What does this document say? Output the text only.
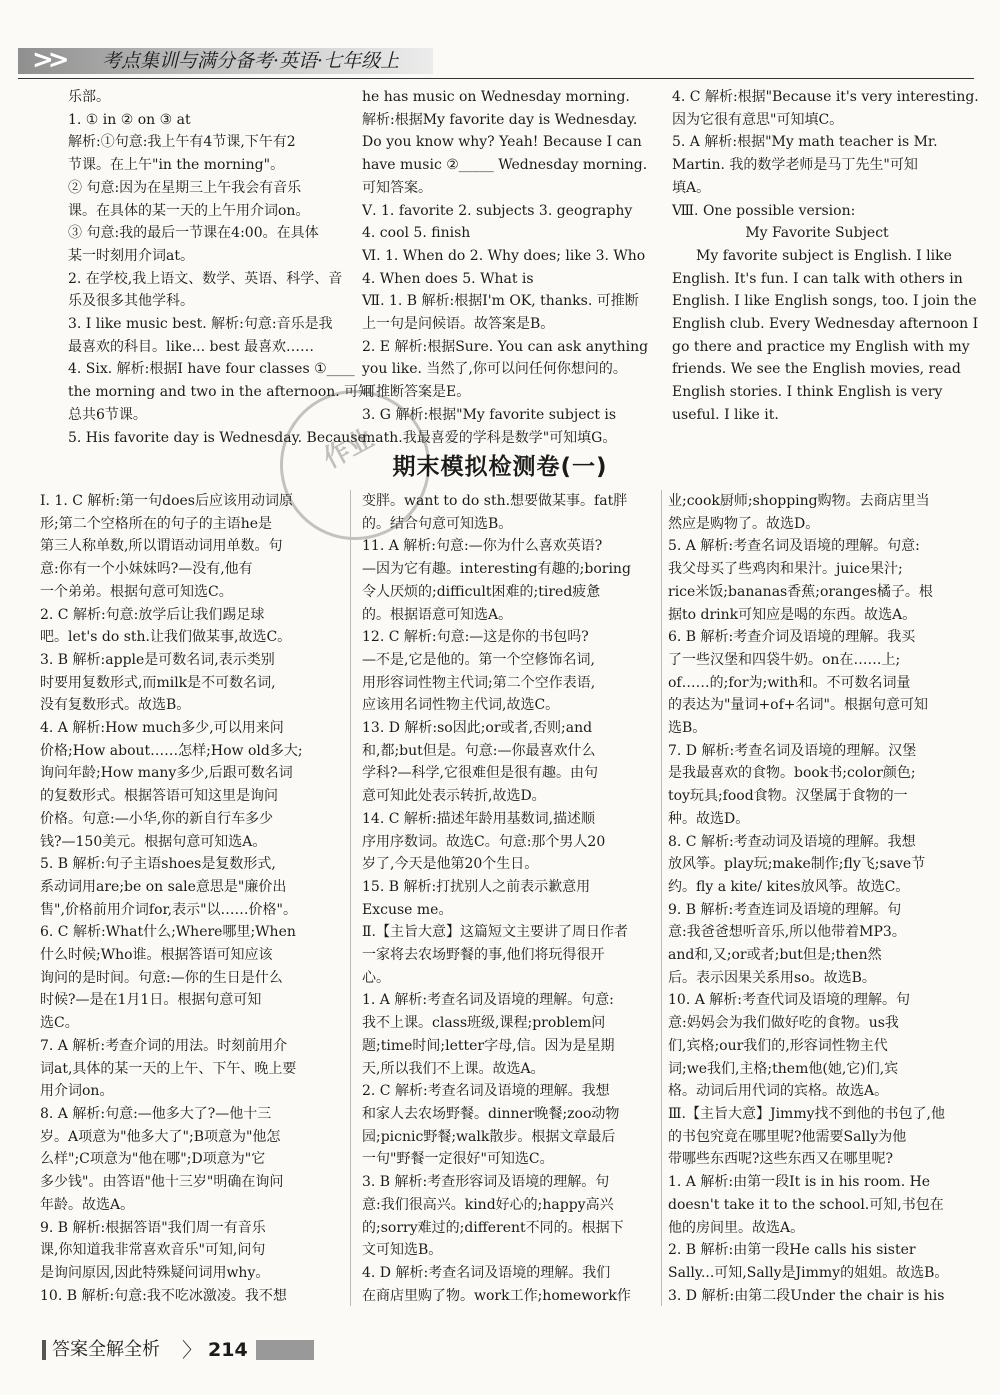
>> 考点集训与满分备考·英语·七年级上

乐部。

1. ① in ② on ③ at

解析:①句意:我上午有4节课,下午有2

节课。在上午"in the morning"。

② 句意:因为在星期三上午我会有音乐

课。在具体的某一天的上午用介词on。

③ 句意:我的最后一节课在4:00。在具体

某一时刻用介词at。

2. 在学校,我上语文、数学、英语、科学、音

乐及很多其他学科。

3. I like music best. 解析:句意:音乐是我

最喜欢的科目。like... best 最喜欢……

4. Six. 解析:根据I have four classes ①____

the morning and two in the afternoon. 可知

总共6节课。

5. His favorite day is Wednesday. Because

he has music on Wednesday morning.

解析:根据My favorite day is Wednesday.

Do you know why? Yeah! Because I can

have music ②_____ Wednesday morning.

可知答案。

Ⅴ. 1. favorite 2. subjects 3. geography

4. cool 5. finish

Ⅵ. 1. When do 2. Why does; like 3. Who

4. When does 5. What is

Ⅶ. 1. B 解析:根据I'm OK, thanks. 可推断

上一句是问候语。故答案是B。

2. E 解析:根据Sure. You can ask anything

you like. 当然了,你可以问任何你想问的。

可推断答案是E。

3. G 解析:根据"My favorite subject is

math.我最喜爱的学科是数学"可知填G。

4. C 解析:根据"Because it's very interesting.

因为它很有意思"可知填C。

5. A 解析:根据"My math teacher is Mr.

Martin. 我的数学老师是马丁先生"可知

填A。

Ⅷ. One possible version:

My Favorite Subject

My favorite subject is English. I like

English. It's fun. I can talk with others in

English. I like English songs, too. I join the

English club. Every Wednesday afternoon I

go there and practice my English with my

friends. We see the English movies, read

English stories. I think English is very

useful. I like it.

作业 期末模拟检测卷(一)

Ⅰ. 1. C 解析:第一句does后应该用动词原

形;第二个空格所在的句子的主语he是

第三人称单数,所以谓语动词用单数。句

意:你有一个小妹妹吗?—没有,他有

一个弟弟。根据句意可知选C。

2. C 解析:句意:放学后让我们踢足球

吧。let's do sth.让我们做某事,故选C。

3. B 解析:apple是可数名词,表示类别

时要用复数形式,而milk是不可数名词,

没有复数形式。故选B。

4. A 解析:How much多少,可以用来问

价格;How about……怎样;How old多大;

询问年龄;How many多少,后跟可数名词

的复数形式。根据答语可知这里是询问

价格。句意:—小华,你的新自行车多少

钱?—150美元。根据句意可知选A。

5. B 解析:句子主语shoes是复数形式,

系动词用are;be on sale意思是"廉价出

售",价格前用介词for,表示"以……价格"。

6. C 解析:What什么;Where哪里;When

什么时候;Who谁。根据答语可知应该

询问的是时间。句意:—你的生日是什么

时候?—是在1月1日。根据句意可知

选C。

7. A 解析:考查介词的用法。时刻前用介

词at,具体的某一天的上午、下午、晚上要

用介词on。

8. A 解析:句意:—他多大了?—他十三

岁。A项意为"他多大了";B项意为"他怎

么样";C项意为"他在哪";D项意为"它

多少钱"。由答语"他十三岁"明确在询问

年龄。故选A。

9. B 解析:根据答语"我们周一有音乐

课,你知道我非常喜欢音乐"可知,问句

是询问原因,因此特殊疑问词用why。

10. B 解析:句意:我不吃冰激凌。我不想

变胖。want to do sth.想要做某事。fat胖

的。结合句意可知选B。

11. A 解析:句意:—你为什么喜欢英语?

—因为它有趣。interesting有趣的;boring

令人厌烦的;difficult困难的;tired疲惫

的。根据语意可知选A。

12. C 解析:句意:—这是你的书包吗?

—不是,它是他的。第一个空修饰名词,

用形容词性物主代词;第二个空作表语,

应该用名词性物主代词,故选C。

13. D 解析:so因此;or或者,否则;and

和,都;but但是。句意:—你最喜欢什么

学科?—科学,它很难但是很有趣。由句

意可知此处表示转折,故选D。

14. C 解析:描述年龄用基数词,描述顺

序用序数词。故选C。句意:那个男人20

岁了,今天是他第20个生日。

15. B 解析:打扰别人之前表示歉意用

Excuse me。

Ⅱ.【主旨大意】这篇短文主要讲了周日作者

一家将去农场野餐的事,他们将玩得很开

心。

1. A 解析:考查名词及语境的理解。句意:

我不上课。class班级,课程;problem问

题;time时间;letter字母,信。因为是星期

天,所以我们不上课。故选A。

2. C 解析:考查名词及语境的理解。我想

和家人去农场野餐。dinner晚餐;zoo动物

园;picnic野餐;walk散步。根据文章最后

一句"野餐一定很好"可知选C。

3. B 解析:考查形容词及语境的理解。句

意:我们很高兴。kind好心的;happy高兴

的;sorry难过的;different不同的。根据下

文可知选B。

4. D 解析:考查名词及语境的理解。我们

在商店里购了物。work工作;homework作

业;cook厨师;shopping购物。去商店里当

然应是购物了。故选D。

5. A 解析:考查名词及语境的理解。句意:

我父母买了些鸡肉和果汁。juice果汁;

rice米饭;bananas香蕉;oranges橘子。根

据to drink可知应是喝的东西。故选A。

6. B 解析:考查介词及语境的理解。我买

了一些汉堡和四袋牛奶。on在……上;

of……的;for为;with和。不可数名词量

的表达为"量词+of+名词"。根据句意可知

选B。

7. D 解析:考查名词及语境的理解。汉堡

是我最喜欢的食物。book书;color颜色;

toy玩具;food食物。汉堡属于食物的一

种。故选D。

8. C 解析:考查动词及语境的理解。我想

放风筝。play玩;make制作;fly飞;save节

约。fly a kite/ kites放风筝。故选C。

9. B 解析:考查连词及语境的理解。句

意:我爸爸想听音乐,所以他带着MP3。

and和,又;or或者;but但是;then然

后。表示因果关系用so。故选B。

10. A 解析:考查代词及语境的理解。句

意:妈妈会为我们做好吃的食物。us我

们,宾格;our我们的,形容词性物主代

词;we我们,主格;them他(她,它)们,宾

格。动词后用代词的宾格。故选A。

Ⅲ.【主旨大意】Jimmy找不到他的书包了,他

的书包究竟在哪里呢?他需要Sally为他

带哪些东西呢?这些东西又在哪里呢?

1. A 解析:由第一段It is in his room. He

doesn't take it to the school.可知,书包在

他的房间里。故选A。

2. B 解析:由第一段He calls his sister

Sally...可知,Sally是Jimmy的姐姐。故选B。

3. D 解析:由第二段Under the chair is his

答案全解全析 〉 214
